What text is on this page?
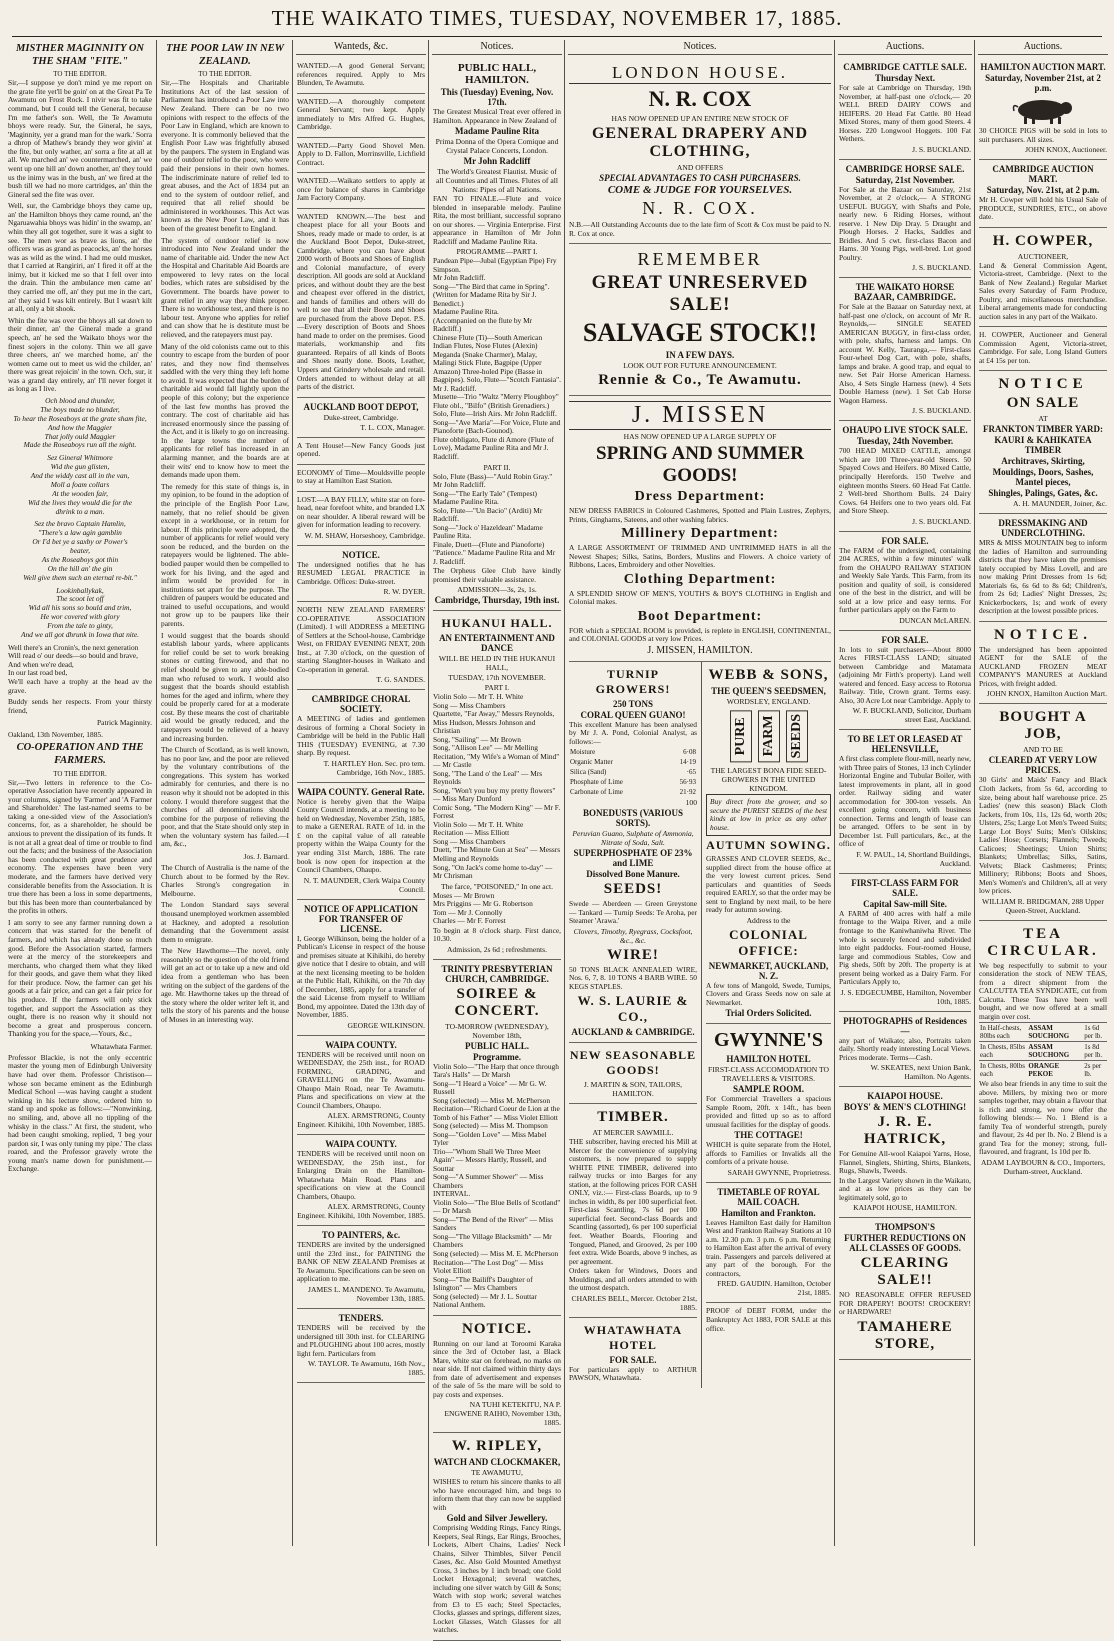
THE WAIKATO TIMES, TUESDAY, NOVEMBER 17, 1885.
MISTHER MAGINNITY ON THE SHAM "FITE."
TO THE EDITOR.

Sir,—I suppose ye don't mind ye me report on the grate fite yet'll be goin' on at the Great Pa Te Awamutu on Frost Rock. I nivir was fit to take command, but I could tell the General, because I'm me father's son. Well, the Te Awamutu bhoys were ready. Sur, the Gineral, he says, 'Maginnity, yer a grand man for the wark.' Sorra a dhrop of Mathew's brandy they wor givin' at the fite, but only wather, an' sorra a fite at all at all. We marched an' we countermarched, an' we went up one hill an' down another, an' they tould us the inimy was in the bush, an' we fired at the bush till we had no more cartridges, an' thin the Gineral sed the fite was over.

Well, sur, the Cambridge bhoys they came up, an' the Hamilton bhoys they came round, an' the Ngaruawahia bhoys was hidin' in the swamp, an' whin they all got together, sure it was a sight to see. The men wor as brave as lions, an' the officers was as grand as peacocks, an' the horses was as wild as the wind. I had me ould musket, that I carried at Rangiriri, an' I fired it off at the inimy, but it kicked me so that I fell over into the drain. Thin the ambulance men came an' they carried me off, an' they put me in the cart, an' they said I was kilt entirely. But I wasn't kilt at all, only a bit shook.

Whin the fite was over the bhoys all sat down to their dinner, an' the Gineral made a grand speech, an' he sed the Waikato bhoys wor the finest sojers in the colony. Thin we all gave three cheers, an' we marched home, an' the women came out to meet us wid the childer, an' there was great rejoicin' in the town. Och, sur, it was a grand day entirely, an' I'll never forget it as long as I live.

Och blood and thunder,
The boys made no blunder,
To hear the Roseaboys at the grate sham fite,
And how the Maggier
That jolly ould Maggier
Made the Roseaboys run all the night.
Sez Gineral Whitmore
Wid the gun glisten,
And the widdy cast all in the van,
Moll a foam collars
At the wooden fair,
Wid the lives they would die for the
dhrink to a man.
Sez the bravo Captain Hamlin,
"There's a law agin gamblin
Or I'd bet ye a saxby or Power's
beater,
As the Roseaboys got thin
On the hill an' the gin
Well give them such an eternal re-bit."
Lookinballykak,
The scoot let off
Wid all his sons so bould and trim,
He wor covered with glory
From the tale to ginty,
And we all got dhrunk in Iowa that nite.

Well there's an Cronin's, the next generation
Will read o' our deeds—so bould and brave,
And when we're dead,
In our last road bed,
We'll each have a trophy at the head av the grave.

Buddy sends her respects. From your thirsty friend,

Patrick Maginnity.
Oakland, 13th November, 1885.
CO-OPERATION AND THE FARMERS.
TO THE EDITOR.

Sir,—Two letters in reference to the Co-operative Association have recently appeared in your columns, signed by 'Farmer' and 'A Farmer and Shareholder.' The last-named seems to be taking a one-sided view of the Association's concerns, for, as a shareholder, he should be anxious to prevent the dissipation of its funds. It is not at all a great deal of time or trouble to find out the facts; and the business of the Association has been conducted with great prudence and economy. The expenses have been very moderate, and the farmers have derived very considerable benefits from the Association. It is true there has been a loss in some departments, but this has been more than counterbalanced by the profits in others.

I am sorry to see any farmer running down a concern that was started for the benefit of farmers, and which has already done so much good. Before the Association started, farmers were at the mercy of the storekeepers and merchants, who charged them what they liked for their goods, and gave them what they liked for their produce. Now, the farmer can get his goods at a fair price, and can get a fair price for his produce. If the farmers will only stick together, and support the Association as they ought, there is no reason why it should not become a great and prosperous concern. Thanking you for the space,—Yours, &c.,

Whatawhata Farmer.

Professor Blackie, is not the only eccentric master the young men of Edinburgh University have had over them. Professor Christison—whose son became eminent as the Edinburgh Medical School —was having caught a student winking in his lecture show, ordered him to stand up and spoke as follows:—"Nonwinking, no smiling, and, above all no tippling of the whisky in the class." At first, the student, who had been caught smoking, replied, 'I beg your pardon sir, I was only tuning my pipe.' The class roared, and the Professor gravely wrote the young man's name down for punishment.—Exchange.

THE POOR LAW IN NEW ZEALAND.
TO THE EDITOR.

Sir,—The Hospitals and Charitable Institutions Act of the last session of Parliament has introduced a Poor Law into New Zealand. There can be no two opinions with respect to the effects of the Poor Law in England, which are known to everyone. It is commonly believed that the English Poor Law was frightfully abused by the paupers. The system in England was one of outdoor relief to the poor, who were paid their pensions in their own homes. The indiscriminate nature of relief led to great abuses, and the Act of 1834 put an end to the system of outdoor relief, and required that all relief should be administered in workhouses. This Act was known as the New Poor Law, and it has been of the greatest benefit to England.

The system of outdoor relief is now introduced into New Zealand under the name of charitable aid. Under the new Act the Hospital and Charitable Aid Boards are empowered to levy rates on the local bodies, which rates are subsidised by the Government. The boards have power to grant relief in any way they think proper. There is no workhouse test, and there is no labour test. Anyone who applies for relief and can show that he is destitute must be relieved, and the ratepayers must pay.

Many of the old colonists came out to this country to escape from the burden of poor rates, and they now find themselves saddled with the very thing they left home to avoid. It was expected that the burden of charitable aid would fall lightly upon the people of this colony; but the experience of the last few months has proved the contrary. The cost of charitable aid has increased enormously since the passing of the Act, and it is likely to go on increasing. In the large towns the number of applicants for relief has increased in an alarming manner, and the boards are at their wits' end to know how to meet the demands made upon them.

The remedy for this state of things is, in my opinion, to be found in the adoption of the principle of the English Poor Law, namely, that no relief should be given except in a workhouse, or in return for labour. If this principle were adopted, the number of applicants for relief would very soon be reduced, and the burden on the ratepayers would be lightened. The able-bodied pauper would then be compelled to work for his living, and the aged and infirm would be provided for in institutions set apart for the purpose. The children of paupers would be educated and trained to useful occupations, and would not grow up to be paupers like their parents.

I would suggest that the boards should establish labour yards, where applicants for relief could be set to work breaking stones or cutting firewood, and that no relief should be given to any able-bodied man who refused to work. I would also suggest that the boards should establish homes for the aged and infirm, where they could be properly cared for at a moderate cost. By these means the cost of charitable aid would be greatly reduced, and the ratepayers would be relieved of a heavy and increasing burden.

The Church of Scotland, as is well known, has no poor law, and the poor are relieved by the voluntary contributions of the congregations. This system has worked admirably for centuries, and there is no reason why it should not be adopted in this colony. I would therefore suggest that the churches of all denominations should combine for the purpose of relieving the poor, and that the State should only step in when the voluntary system has failed.—I am, &c.,

Jos. J. Barnard.

The Church of Australia is the name of the Church about to be formed by the Rev. Charles Strong's congregation in Melbourne.

The London Standard says several thousand unemployed workmen assembled at Hackney, and adopted a resolution demanding that the Government assist them to emigrate.

The New Hawthorne—The novel, only reasonably so the question of the old friend will get an act or to take up a new and old idea from a gentleman who has been writing on the subject of the gardens of the age. Mr. Hawthorne takes up the thread of the story where the older writer left it, and tells the story of his parents and the house of Moses in an interesting way.

Wanteds, &c.
WANTED.—A good General Servant; references required. Apply to Mrs Blunden, Te Awamutu.
WANTED.—A thoroughly competent General Servant; two kept. Apply immediately to Mrs Alfred G. Hughes, Cambridge.
WANTED.—Party Good Shovel Men. Apply to D. Fallon, Morrinsville, Lichfield Contract.
WANTED.—Waikato settlers to apply at once for balance of shares in Cambridge Jam Factory Company.
WANTED KNOWN.—The best and cheapest place for all your Boots and Shoes, ready made or made to order, is at the Auckland Boot Depot, Duke-street, Cambridge, where you can have about 2000 worth of Boots and Shoes of English and Colonial manufacture, of every description. All goods are sold at Auckland prices, and without doubt they are the best and cheapest ever offered in the district, and hands of families and others will do well to see that all their Boots and Shoes are purchased from the above Depot. P.S.—Every description of Boots and Shoes hand made to order on the premises. Good materials, workmanship and fits guaranteed. Repairs of all kinds of Boots and Shoes neatly done. Boots, Leather, Uppers and Grindery wholesale and retail. Orders attended to without delay at all parts of the district.
AUCKLAND BOOT DEPOT,
Duke-street, Cambridge.
T. L. COX, Manager.
A Tent House!—New Fancy Goods just opened.
ECONOMY of Time—Mouldsville people to stay at Hamilton East Station.
LOST.—A BAY FILLY, white star on fore-head, near forefoot white, and branded LX on near shoulder. A liberal reward will be given for information leading to recovery.
W. M. SHAW, Horseshoey, Cambridge.
NOTICE.
The undersigned notifies that he has RESUMED LEGAL PRACTICE in Cambridge. Offices: Duke-street.
R. W. DYER.
NORTH NEW ZEALAND FARMERS' CO-OPERATIVE ASSOCIATION (Limited). I will ADDRESS a MEETING of Settlers at the School-house, Cambridge West, on FRIDAY EVENING NEXT, 20th Inst., at 7.30 o'clock, on the question of starting Slaughter-houses in Waikato and Co-operation in general.
T. G. SANDES.
CAMBRIDGE CHORAL SOCIETY.
A MEETING of ladies and gentlemen desirous of forming a Choral Society in Cambridge will be held in the Public Hall THIS (TUESDAY) EVENING, at 7.30 sharp. By request.
T. HARTLEY Hon. Sec. pro tem. Cambridge, 16th Nov., 1885.
WAIPA COUNTY. General Rate.
Notice is hereby given that the Waipa County Council intends, at a meeting to be held on Wednesday, November 25th, 1885, to make a GENERAL RATE of 1d. in the £ on the capital value of all rateable property within the Waipa County for the year ending 31st March, 1886. The rate book is now open for inspection at the Council Chambers, Ohaupo.
N. T. MAUNDER, Clerk Waipa County Council.
NOTICE OF APPLICATION FOR TRANSFER OF LICENSE.
I, George Wilkinson, being the holder of a Publican's License in respect of the house and premises situate at Kihikihi, do hereby give notice that I desire to obtain, and will at the next licensing meeting to be holden at the Public Hall, Kihikihi, on the 7th day of December, 1885, apply for a transfer of the said License from myself to William Bond, my appointee. Dated the 13th day of November, 1885.
GEORGE WILKINSON.
WAIPA COUNTY.
TENDERS will be received until noon on WEDNESDAY, the 25th inst., for ROAD FORMING, GRADING, and GRAVELLING on the Te Awamutu-Ohaupo Main Road, near Te Awamutu. Plans and specifications on view at the Council Chambers, Ohaupo.
ALEX. ARMSTRONG, County Engineer. Kihikihi, 10th November, 1885.
WAIPA COUNTY.
TENDERS will be received until noon on WEDNESDAY, the 25th inst., for Enlarging Drain on the Hamilton-Whatawhata Main Road. Plans and specifications on view at the Council Chambers, Ohaupo.
ALEX. ARMSTRONG, County Engineer. Kihikihi, 10th November, 1885.
TO PAINTERS, &c.
TENDERS are invited by the undersigned until the 23rd inst., for PAINTING the BANK OF NEW ZEALAND Premises at Te Awamutu. Specifications can be seen on application to me.
JAMES L. MANDENO. Te Awamutu, November 13th, 1885.
TENDERS.
TENDERS will be received by the undersigned till 30th inst. for CLEARING and PLOUGHING about 100 acres, mostly light fern. Particulars from
W. TAYLOR. Te Awamutu, 16th Nov., 1885.
Notices.
PUBLIC HALL, HAMILTON.
This (Tuesday) Evening, Nov. 17th.
The Greatest Musical Treat ever offered in Hamilton. Appearance in New Zealand of
Madame Pauline Rita
Prima Donna of the Opera Comique and Crystal Palace Concerts, London.
Mr John Radcliff
The World's Greatest Flautist. Music of all Countries and all Times. Flutes of all Nations: Pipes of all Nations.
FAN TO FINALE.—Flute and voice blended in inseparable melody. Pauline Rita, the most brilliant, successful soprano on our shores. — Virginia Enterprise. First appearance in Hamilton of Mr John Radcliff and Madame Pauline Rita.
PROGRAMME—PART I.
Pandean Pipe—Jubal (Egyptian Pipe) Fry Simpson.
Mr John Radcliff.
Song—"The Bird that came in Spring". (Written for Madame Rita by Sir J. Benedict.)
Madame Pauline Rita.
(Accompanied on the flute by Mr Radcliff.)
Chinese Flute (Ti)—South American Indian Flutes, Nose Flutes (Alexin) Meganda (Snake Charmer), Malay, Malingi Stick Flute, Bagpipe (Upper Amazon) Three-holed Pipe (Basse in Bagpipes). Solo, Flute—"Scotch Fantasia".
Mr J. Radcliff.
Musette—Trio "Waltz "Merry Ploughboy" Flute obl., "Bilfo" (British Grenadiers.)
Solo, Flute—Irish Airs. Mr John Radcliff.
Song—"Ave Maria"—For Voice, Flute and Pianoforte (Bach-Gounod).
Flute obbligato, Flute di Amore (Flute of Love), Madame Pauline Rita and Mr J. Radcliff.
PART II.
Solo, Flute (Bass)—"Auld Robin Gray." Mr John Radcliff.
Song—"The Early Tale" (Tempest) Madame Pauline Rita.
Solo, Flute—"Un Bacio" (Arditi) Mr Radcliff.
Song—"Jock o' Hazeldean" Madame Pauline Rita.
Finale, Duett—(Flute and Pianoforte) "Patience." Madame Pauline Rita and Mr J. Radcliff.
The Orpheus Glee Club have kindly promised their valuable assistance.
ADMISSION—3s, 2s, 1s.
Cambridge, Thursday, 19th inst.
HUKANUI HALL.
AN ENTERTAINMENT AND DANCE
WILL BE HELD IN THE HUKANUI HALL,
TUESDAY, 17th NOVEMBER.
PART I.
Violin Solo — Mr T. H. White
Song — Miss Chambers
Quartette, "Far Away," Messrs Reynolds, Miss Hudson, Messrs Johnson and Christian
Song, "Sailing" — Mr Brown
Song, "Allison Lee" — Mr Melling
Recitation, "My Wife's a Woman of Mind" — Mr Castle
Song, "The Land o' the Leal" — Mrs Reynolds
Song, "Won't you buy my pretty flowers" — Miss Mary Dunford
Comic Song, "The Modern King" — Mr F. Forrest
Violin Solo — Mr T. H. White
Recitation — Miss Elliott
Song — Miss Chambers
Duett, "The Minute Gun at Sea" — Messrs Melling and Reynolds
Song, "On Jack's come home to-day" — Mr Chrisman
The farce, "POISONED," In one act.
Moses — Mr Brown
Mrs Priggins — Mr G. Robertson
Tom — Mr J. Connolly
Charles — Mr F. Forrest
To begin at 8 o'clock sharp. First dance, 10.30.
Admission, 2s 6d ; refreshments.
TRINITY PRESBYTERIAN CHURCH, CAMBRIDGE.
SOIREE & CONCERT.
TO-MORROW (WEDNESDAY), November 18th,
PUBLIC HALL.
Programme.
Violin Solo—"The Harp that once through Tara's Halls" — Dr Marsh
Song—"I Heard a Voice" — Mr G. W. Russell
Song (selected) — Miss M. McPherson
Recitation—"Richard Coeur de Lion at the Tomb of his Father" — Miss Violet Elliott
Song (selected) — Miss M. Thompson
Song—"Golden Love" — Miss Mabel Tyler
Trio—"Whom Shall We Three Meet Again" — Messrs Hartly, Russell, and Souttar
Song—"A Summer Shower" — Miss Chambers
INTERVAL.
Violin Solo—"The Blue Bells of Scotland" — Dr Marsh
Song—"The Bend of the River" — Miss Sanders
Song—"The Village Blacksmith" — Mr Chambers
Song (selected) — Miss M. E. McPherson
Recitation—"The Lost Dog" — Miss Violet Elliott
Song—"The Bailiff's Daughter of Islington" — Mrs Chambers
Song (selected) — Mr J. L. Souttar
National Anthem.
NOTICE.
Running on our land at Toroomi Karaka since the 3rd of October last, a Black Mare, white star on forehead, no marks on near side. If not claimed within thirty days from date of advertisement and expenses of the sale of 5s the mare will be sold to pay costs and expenses.
NA TUHI KETEKITU, NA P. ENGWENE RAIHO, November 13th, 1885.
W. RIPLEY,
WATCH AND CLOCKMAKER,
TE AWAMUTU,
WISHES to return his sincere thanks to all who have encouraged him, and begs to inform them that they can now be supplied with
Gold and Silver Jewellery.
Comprising Wedding Rings, Fancy Rings, Keepers, Seal Rings, Ear Rings, Brooches, Lockets, Albert Chains, Ladies' Neck Chains, Silver Thimbles, Silver Pencil Cases, &c. Also Gold Mounted Amethyst Cross, 3 inches by 1 inch broad; one Gold Locket Hexagonal; several watches, including one silver watch by Gill & Sons; Watch with stop work; several watches from £3 to £5 each; Steel Spectacles, Clocks, glasses and springs, different sizes, Locket Glasses, Watch Glasses for all watches.
Notices.
LONDON HOUSE.
N. R. COX
HAS NOW OPENED UP AN ENTIRE NEW STOCK OF
GENERAL DRAPERY AND CLOTHING,
AND OFFERS
SPECIAL ADVANTAGES TO CASH PURCHASERS.
COME & JUDGE FOR YOURSELVES.
N. R. COX.
N.B.—All Outstanding Accounts due to the late firm of Scott & Cox must be paid to N. R. Cox at once.
REMEMBER
GREAT UNRESERVED SALE!
SALVAGE STOCK!!
IN A FEW DAYS.
LOOK OUT FOR FUTURE ANNOUNCEMENT.
Rennie & Co., Te Awamutu.
J. MISSEN
HAS NOW OPENED UP A LARGE SUPPLY OF
SPRING AND SUMMER GOODS!
Dress Department:
NEW DRESS FABRICS in Coloured Cashmeres, Spotted and Plain Lustres, Zephyrs, Prints, Ginghams, Sateens, and other washing fabrics.
Millinery Department:
A LARGE ASSORTMENT OF TRIMMED AND UNTRIMMED HATS in all the Newest Shapes; Silks, Satins, Borders, Muslins and Flowers. A choice variety of Ribbons, Laces, Embroidery and other Novelties.
Clothing Department:
A SPLENDID SHOW OF MEN'S, YOUTH'S & BOY'S CLOTHING in English and Colonial makes.
Boot Department:
FOR which a SPECIAL ROOM is provided, is replete in ENGLISH, CONTINENTAL, and COLONIAL GOODS at very low Prices.
J. MISSEN, HAMILTON.
TURNIP GROWERS!
250 TONS
CORAL QUEEN GUANO!
This excellent Manure has been analysed by Mr J. A. Pond, Colonial Analyst, as follows:—
Moisture	6·08
Organic Matter	14·19
Silica (Sand)	·65
Phosphate of Lime	56·93
Carbonate of Lime	21·92
100
BONEDUSTS (VARIOUS SORTS).
Peruvian Guano, Sulphate of Ammonia, Nitrate of Soda, Salt.
SUPERPHOSPHATE OF 23% and LIME
Dissolved Bone Manure.
SEEDS!
Swede — Aberdeen — Green Greystone — Tankard — Turnip Seeds: Te Aroha, per Steamer 'Arawa.'
Clovers, Timothy, Ryegrass, Cocksfoot, &c., &c.
WIRE!
50 TONS BLACK ANNEALED WIRE, Nos. 6, 7, 8. 10 TONS 4 BARB WIRE. 50 KEGS STAPLES.
W. S. LAURIE & CO.,
AUCKLAND & CAMBRIDGE.
NEW SEASONABLE GOODS!
J. MARTIN & SON, TAILORS, HAMILTON.
TIMBER.
AT MERCER SAWMILL.
THE subscriber, having erected his Mill at Mercer for the convenience of supplying customers, is now prepared to supply WHITE PINE TIMBER, delivered into railway trucks or into Barges for any station, at the following prices FOR CASH ONLY, viz.:— First-class Boards, up to 9 inches in width, 8s per 100 superficial feet. First-class Scantling, 7s 6d per 100 superficial feet. Second-class Boards and Scantling (assorted), 6s per 100 superficial feet. Weather Boards, Flooring and Tongued, Planed, and Grooved, 2s per 100 feet extra. Wide Boards, above 9 inches, as per agreement.
Orders taken for Windows, Doors and Mouldings, and all orders attended to with the utmost despatch.
CHARLES BELL, Mercer. October 21st, 1885.
WHATAWHATA HOTEL
FOR SALE.
For particulars apply to ARTHUR PAWSON, Whatawhata.
WEBB & SONS,
THE QUEEN'S SEEDSMEN,
WORDSLEY, ENGLAND.
PURE FARM SEEDS
THE LARGEST BONA FIDE SEED-GROWERS IN THE UNITED KINGDOM.
Buy direct from the grower, and so secure the PUREST SEEDS of the best kinds at low in price as any other house.
AUTUMN SOWING.
GRASSES AND CLOVER SEEDS, &c., supplied direct from the house office at the very lowest current prices. Send particulars and quantities of Seeds required EARLY, so that the order may be sent to England by next mail, to be here ready for autumn sowing.
Address to the
COLONIAL OFFICE:
NEWMARKET, AUCKLAND, N. Z.
A few tons of Mangold, Swede, Turnips, Clovers and Grass Seeds now on sale at Newmarket.
Trial Orders Solicited.
GWYNNE'S
HAMILTON HOTEL
FIRST-CLASS ACCOMODATION TO TRAVELLERS & VISITORS.
SAMPLE ROOM.
For Commercial Travellers a spacious Sample Room, 20ft. x 14ft., has been provided and fitted up so as to afford unusual facilities for the display of goods.
THE COTTAGE!
WHICH is quite separate from the Hotel, affords to Families or Invalids all the comforts of a private house.
SARAH GWYNNE, Proprietress.
TIMETABLE OF ROYAL MAIL COACH.
Hamilton and Frankton.
Leaves Hamilton East daily for Hamilton West and Frankton Railway Stations at 10 a.m. 12.30 p.m. 3 p.m. 6 p.m. Returning to Hamilton East after the arrival of every train. Passengers and parcels delivered at any part of the borough. For the contractors,
FRED. GAUDIN. Hamilton, October 21st, 1885.
PROOF of DEBT FORM, under the Bankruptcy Act 1883, FOR SALE at this office.
Auctions.
CAMBRIDGE CATTLE SALE.
Thursday Next.
For sale at Cambridge on Thursday, 19th November, at half-past one o'clock,— 20 WELL BRED DAIRY COWS and HEIFERS. 20 Head Fat Cattle. 80 Head Mixed Stores, many of them good Steers. 4 Horses. 220 Longwool Hoggets. 100 Fat Wethers.
J. S. BUCKLAND.
CAMBRIDGE HORSE SALE.
Saturday, 21st November.
For Sale at the Bazaar on Saturday, 21st November, at 2 o'clock,— A STRONG USEFUL BUGGY, with Shafts and Pole, nearly new. 6 Riding Horses, without reserve. 1 New Dip Dray. 5 Draught and Plough Horses. 2 Hacks, Saddles and Bridles. And 5 cwt. first-class Bacon and Hams. 30 Young Pigs, well-bred. Lot good Poultry.
J. S. BUCKLAND.
THE WAIKATO HORSE BAZAAR, CAMBRIDGE.
For Sale at the Bazaar on Saturday next, at half-past one o'clock, on account of Mr R. Reynolds,— SINGLE SEATED AMERICAN BUGGY, in first-class order, with pole, shafts, harness and lamps. On account W. Kelly, Tauranga,— First-class Four-wheel Dog Cart, with pole, shafts, lamps and brake. A good trap, and equal to new. Set Pair Horse American Harness. Also, 4 Sets Single Harness (new). 4 Sets Double Harness (new). 1 Set Cab Horse Wagon Harness.
J. S. BUCKLAND.
OHAUPO LIVE STOCK SALE.
Tuesday, 24th November.
700 HEAD MIXED CATTLE, amongst which are 100 Three-year-old Steers. 50 Spayed Cows and Heifers. 80 Mixed Cattle, principally Herefords. 150 Twelve and eighteen months Steers. 60 Head Fat Cattle. 2 Well-bred Shorthorn Bulls. 24 Dairy Cows. 64 Heifers one to two years old. Fat and Store Sheep.
J. S. BUCKLAND.
FOR SALE.
The FARM of the undersigned, containing 204 ACRES, within a few minutes' walk from the OHAUPO RAILWAY STATION and Weekly Sale Yards. This Farm, from its position and quality of soil, is considered one of the best in the district, and will be sold at a low price and easy terms. For further particulars apply on the Farm to
DUNCAN McLAREN.
FOR SALE.
In lots to suit purchasers—About 8000 Acres FIRST-CLASS LAND; situated between Cambridge and Matamata (adjoining Mr Firth's property). Land well watered and fenced. Easy access to Rotorua Railway. Title, Crown grant. Terms easy. Also, 30 Acre Lot near Cambridge. Apply to
W. F. BUCKLAND, Solicitor, Durham street East, Auckland.
TO BE LET OR LEASED AT HELENSVILLE,
A first class complete flour-mill, nearly new, with Three pairs of Stones, 13 inch Cylinder Horizontal Engine and Tubular Boiler, with latest improvements in plant, all in good order. Railway siding and water accommodation for 300-ton vessels. An excellent going concern, with business connection. Terms and length of lease can be arranged. Offers to be sent in by December 1st. Full particulars, &c., at the office of
F. W. PAUL, 14, Shortland Buildings, Auckland.
FIRST-CLASS FARM FOR SALE.
Capital Saw-mill Site.
A FARM of 400 acres with half a mile frontage to the Waipa River, and a mile frontage to the Kaniwhaniwha River. The whole is securely fenced and subdivided into eight paddocks. Four-roomed House, large and commodious Stables, Cow and Pig sheds, 50ft by 20ft. The property is at present being worked as a Dairy Farm. For Particulars Apply to,
J. S. EDGECUMBE, Hamilton, November 10th, 1885.
PHOTOGRAPHS of Residences—
any part of Waikato; also, Portraits taken daily. Shortly ready interesting Local Views. Prices moderate. Terms—Cash.
W. SKEATES, next Union Bank, Hamilton. No Agents.
KAIAPOI HOUSE.
BOYS' & MEN'S CLOTHING!
J. R. E. HATRICK,
For Genuine All-wool Kaiapoi Yarns, Hose, Flannel, Singlets, Shirting, Shirts, Blankets, Rugs, Shawls, Tweeds.
In the Largest Variety shown in the Waikato, and at as low prices as they can be legitimately sold, go to
KAIAPOI HOUSE, HAMILTON.
THOMPSON'S
FURTHER REDUCTIONS ON ALL CLASSES OF GOODS.
CLEARING SALE!!
NO REASONABLE OFFER REFUSED FOR DRAPERY! BOOTS! CROCKERY! or HARDWARE!
TAMAHERE STORE,
Auctions.
HAMILTON AUCTION MART.
Saturday, November 21st, at 2 p.m.
30 CHOICE PIGS will be sold in lots to suit purchasers. All sizes.
JOHN KNOX, Auctioneer.
CAMBRIDGE AUCTION MART.
Saturday, Nov. 21st, at 2 p.m.
Mr H. Cowper will hold his Usual Sale of PRODUCE, SUNDRIES, ETC., on above date.
H. COWPER,
AUCTIONEER,
Land & General Commission Agent, Victoria-street, Cambridge. (Next to the Bank of New Zealand.) Regular Market Sales every Saturday of Farm Produce, Poultry, and miscellaneous merchandise. Liberal arrangements made for conducting auction sales in any part of the Waikato.
H. COWPER, Auctioneer and General Commission Agent, Victoria-street, Cambridge. For sale, Long Island Gutters at £4 15s per ton.
NOTICE
ON SALE
AT
FRANKTON TIMBER YARD:
KAURI & KAHIKATEA TIMBER
Architraves, Skirting,
Mouldings, Doors, Sashes, Mantel pieces,
Shingles, Palings, Gates, &c.
A. H. MAUNDER, Joiner, &c.
DRESSMAKING AND UNDERCLOTHING.
MRS & MISS MOUNTAIN beg to inform the ladies of Hamilton and surrounding districts that they have taken the premises lately occupied by Miss Lovell, and are now making Print Dresses from 1s 6d; Materials 6s, 6s 6d to 8s 6d; Children's, from 2s 6d; Ladies' Night Dresses, 2s; Knickerbockers, 1s; and work of every description at the lowest possible prices.
NOTICE.
The undersigned has been appointed AGENT for the SALE of the AUCKLAND FROZEN MEAT COMPANY'S MANURES at Auckland Prices, with freight added.
JOHN KNOX, Hamilton Auction Mart.
BOUGHT A JOB,
AND TO BE
CLEARED AT VERY LOW PRICES.
30 Girls' and Maids' Fancy and Black Cloth Jackets, from 5s 6d, according to size, being about half warehouse price. 25 Ladies' (new this season) Black Cloth Jackets, from 10s, 11s, 12s 6d, worth 20s; Ulsters, 25s; Large Lot Men's Tweed Suits; Large Lot Boys' Suits; Men's Oilskins; Ladies' Hose; Corsets; Flannels; Tweeds; Calicoes; Sheetings; Union Shirts; Blankets; Umbrellas; Silks, Satins, Velvets; Black Cashmeres; Prints; Millinery; Ribbons; Boots and Shoes, Men's Women's and Children's, all at very low prices.
WILLIAM R. BRIDGMAN, 288 Upper Queen-Street, Auckland.
TEA CIRCULAR.
We beg respectfully to submit to your consideration the stock of NEW TEAS, from a direct shipment from the CALCUTTA TEA SYNDICATE, cut from Calcutta. These Teas have been well bought, and we now offered at a small margin over cost.
In Half-chests, 80lbs each	ASSAM SOUCHONG	1s 6d per lb.
In Chests, 85lbs each	ASSAM SOUCHONG	1s 8d per lb.
In Chests, 80lbs each	ORANGE PEKOE	2s per lb.
We also bear friends in any time to suit the above. Millers, by mixing two or more samples together, may obtain a flavour that is rich and strong, we now offer the following blends:— No. 1 Blend is a family Tea of wonderful strength, purely and flavour, 2s 4d per lb. No. 2 Blend is a grand Tea for the money; strong, full-flavoured, and fragrant, 1s 10d per lb.
ADAM LAYBOURN & CO., Importers, Durham-street, Auckland.
